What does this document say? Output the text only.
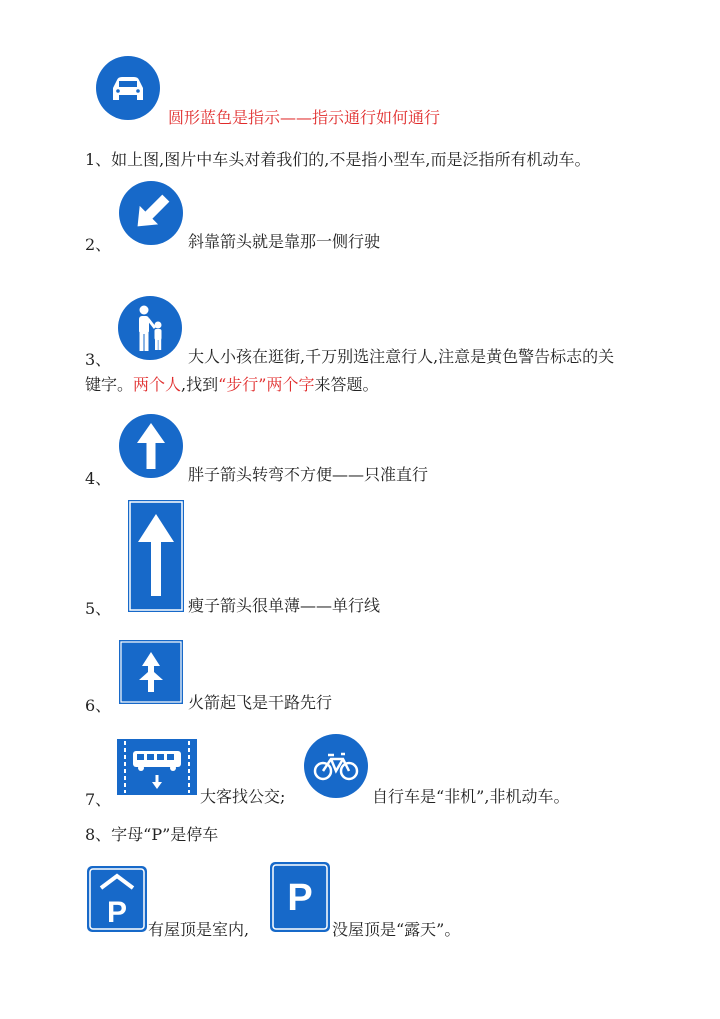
圆形蓝色是指示——指示通行如何通行
1、如上图,图片中车头对着我们的,不是指小型车,而是泛指所有机动车。
2、	斜靠箭头就是靠那一侧行驶
3、	大人小孩在逛街,千万别选注意行人,注意是黄色警告标志的关
键字。两个人,找到“步行”两个字来答题。
4、	胖子箭头转弯不方便——只准直行
5、	瘦子箭头很单薄——单行线
6、	火箭起飞是干路先行
7、	大客找公交;	自行车是“非机”,非机动车。
8、字母“P”是停车
P
有屋顶是室内,
P
没屋顶是“露天”。
